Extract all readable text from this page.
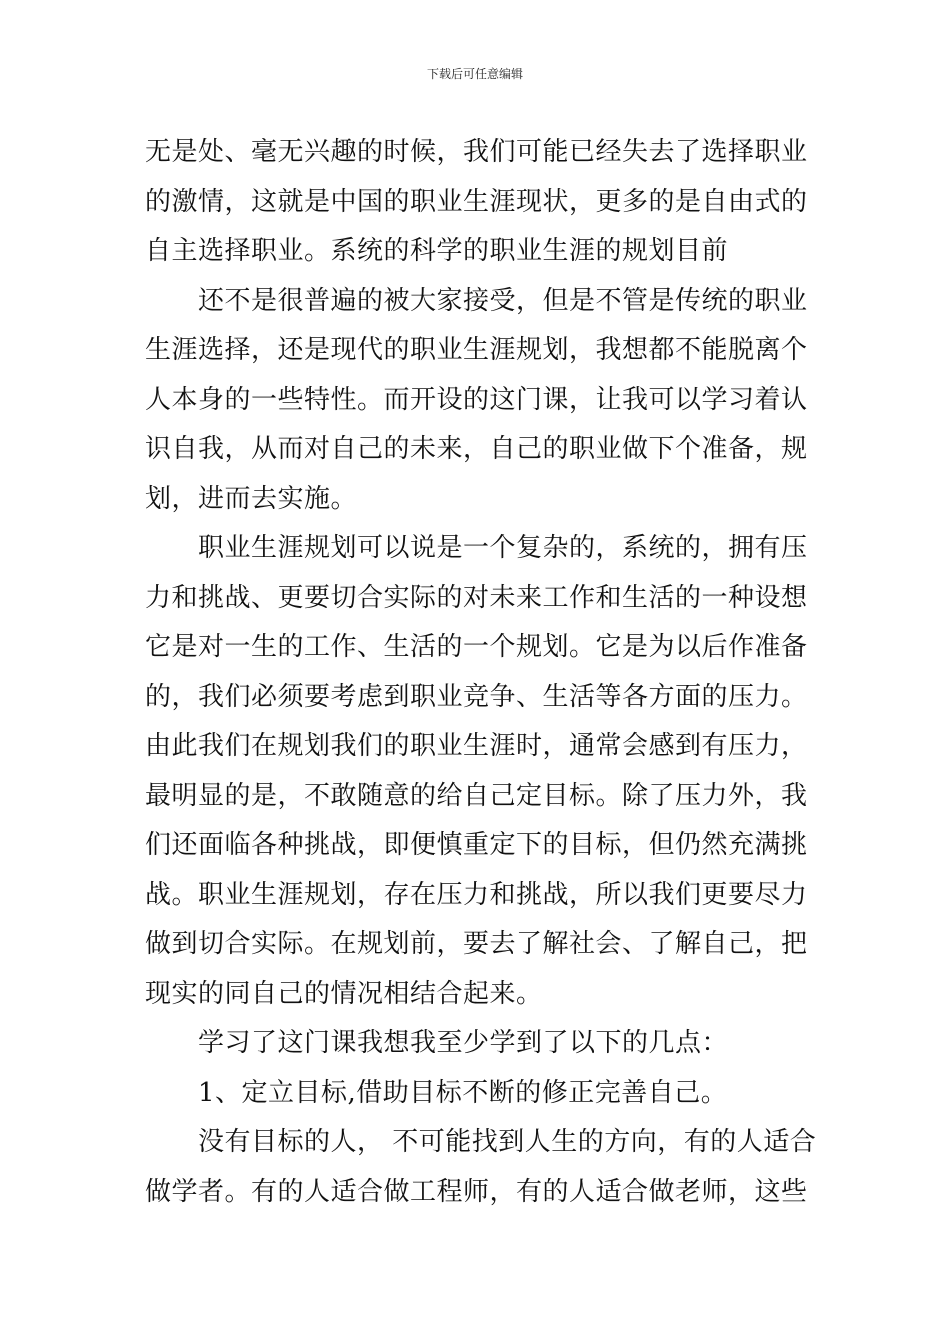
下载后可任意编辑
无是处、毫无兴趣的时候，我们可能已经失去了选择职业
的激情，这就是中国的职业生涯现状，更多的是自由式的
自主选择职业。系统的科学的职业生涯的规划目前
还不是很普遍的被大家接受，但是不管是传统的职业
生涯选择，还是现代的职业生涯规划，我想都不能脱离个
人本身的一些特性。而开设的这门课，让我可以学习着认
识自我，从而对自己的未来，自己的职业做下个准备，规
划，进而去实施。
职业生涯规划可以说是一个复杂的，系统的，拥有压
力和挑战、更要切合实际的对未来工作和生活的一种设想
它是对一生的工作、生活的一个规划。它是为以后作准备
的，我们必须要考虑到职业竞争、生活等各方面的压力。
由此我们在规划我们的职业生涯时，通常会感到有压力，
最明显的是，不敢随意的给自己定目标。除了压力外，我
们还面临各种挑战，即便慎重定下的目标，但仍然充满挑
战。职业生涯规划，存在压力和挑战，所以我们更要尽力
做到切合实际。在规划前，要去了解社会、了解自己，把
现实的同自己的情况相结合起来。
学习了这门课我想我至少学到了以下的几点：
1、定立目标,借助目标不断的修正完善自己。
没有目标的人， 不可能找到人生的方向，有的人适合
做学者。有的人适合做工程师，有的人适合做老师，这些
